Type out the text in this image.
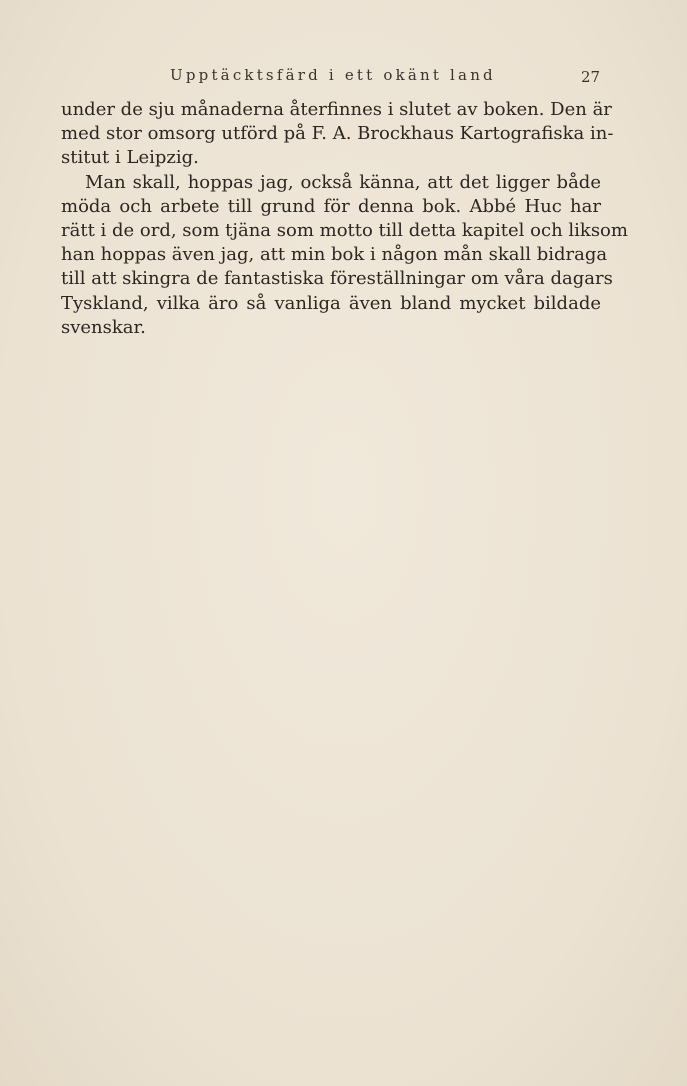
Upptäcktsfärd i ett okänt land	27
under de sju månaderna återfinnes i slutet av boken. Den är
med stor omsorg utförd på F. A. Brockhaus Kartografiska in-
stitut i Leipzig.
Man skall, hoppas jag, också känna, att det ligger både
möda och arbete till grund för denna bok. Abbé Huc har
rätt i de ord, som tjäna som motto till detta kapitel och liksom
han hoppas även jag, att min bok i någon mån skall bidraga
till att skingra de fantastiska föreställningar om våra dagars
Tyskland, vilka äro så vanliga även bland mycket bildade
svenskar.
